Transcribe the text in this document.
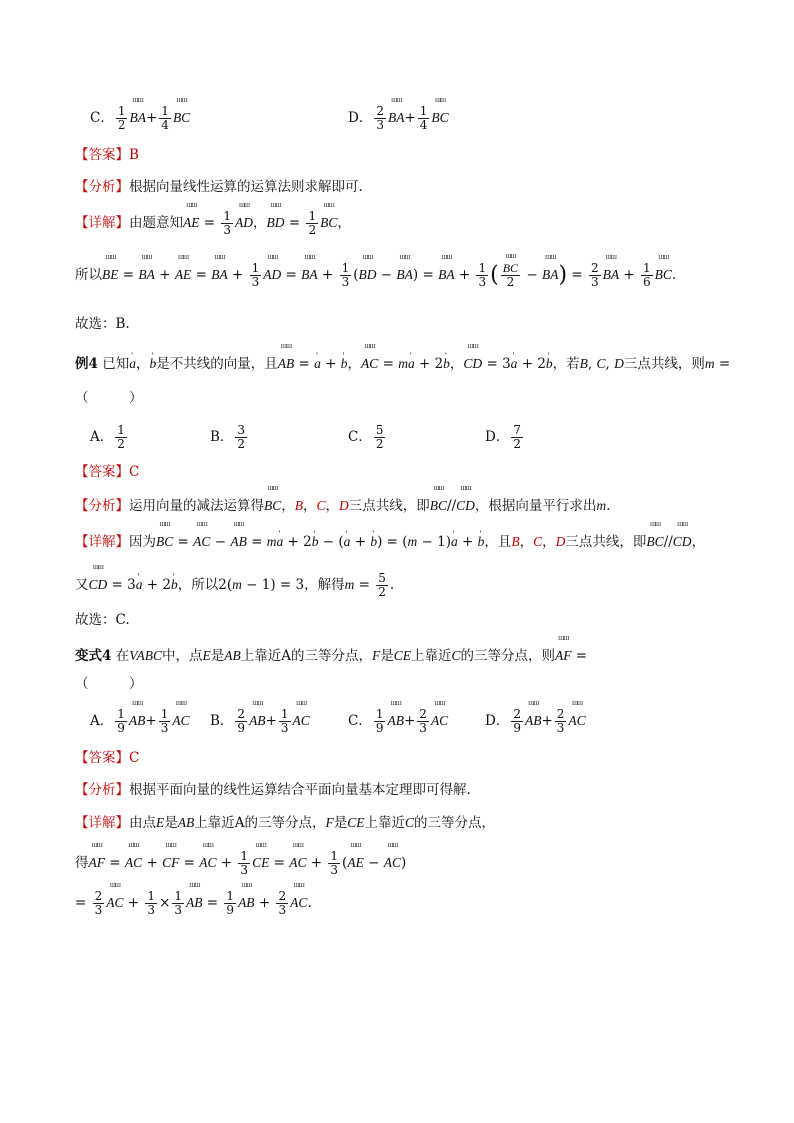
C． $\frac{1}{2}$ ШШ $BA+ \frac{1}{4}$ ШШ BC	D． $\frac{2}{3}$ ШШ $BA+ \frac{1}{4}$ ШШ BC
【答案】B
【分析】根据向量线性运算的运算法则求解即可.
【详解】由题意知ШШ AE = $\frac{1}{3}$ ШШ AD，ШШ BD = $\frac{1}{2}$ ШШ BC，
所以ШШ BE = ШШ BA + ШШ AE = ШШ BA + $\frac{1}{3}$ ШШ AD = ШШ BA + $\frac{1}{3} (ШШ$ BD − ШШ BA) = ШШ BA + $\frac{1}{3}$ ( ШШ $\frac{BC}{2}$ − ШШ $BA) = \frac{2}{3}$ ШШ BA + $\frac{1}{6}$ ШШ BC.
故选：B.
例4 已知' a，' b是不共线的向量，且ШШ AB = ' a + ' b，ШШ AC = m' a + 2' b，ШШ CD = 3' a + 2' b，若B, C, D三点共线，则m =
（　　　）
A． $\frac{1}{2}$	B． $\frac{3}{2}$	C． $\frac{5}{2}$	D． $\frac{7}{2}$
【答案】C
【分析】运用向量的减法运算得ШШ BC，B，C，D三点共线，即ШШ BC//ШШ CD，根据向量平行求出m.
【详解】因为ШШ BC = ШШ AC − ШШ AB = m' a + 2' b − (' a + ' b) = (m − 1)' a + ' b，且B，C，D三点共线，即ШШ BC//ШШ CD，
又ШШ CD = 3' a + 2' b，所以2(m − 1) = 3，解得$m = \frac{5}{2}$ .
故选：C.
变式4 在VABC中，点E是AB上靠近A的三等分点，F是CE上靠近C的三等分点，则ШШ AF =
（　　　）
A． $\frac{1}{9}$ ШШ $AB+ \frac{1}{3}$ ШШ AC B． $\frac{2}{9}$ ШШ $AB+ \frac{1}{3}$ ШШ AC	C． $\frac{1}{9}$ ШШ $AB+ \frac{2}{3}$ ШШ AC	D． $\frac{2}{9}$ ШШ $AB+ \frac{2}{3}$ ШШ AC
【答案】C
【分析】根据平面向量的线性运算结合平面向量基本定理即可得解.
【详解】由点E是AB上靠近A的三等分点，F是CE上靠近C的三等分点，
得ШШ AF = ШШ AC + ШШ CF = ШШ AC + $\frac{1}{3}$ ШШ CE = ШШ AC + $\frac{1}{3} (ШШ$ AE − ШШ AC)
= $\frac{2}{3}$ ШШ AC + $\frac{1}{3} \times \frac{1}{3}$ ШШ AB = $\frac{1}{9}$ ШШ AB + $\frac{2}{3}$ ШШ AC.
